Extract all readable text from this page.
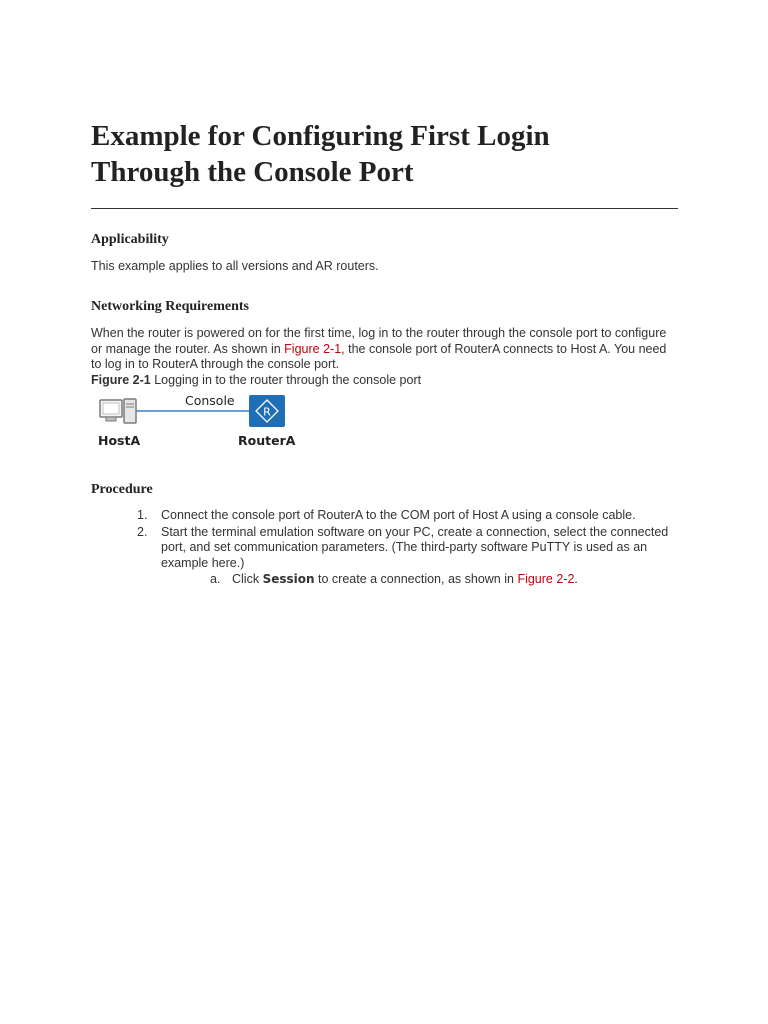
Example for Configuring First Login
Through the Console Port
Applicability

This example applies to all versions and AR routers.

Networking Requirements

When the router is powered on for the first time, log in to the router through the console port to configure or manage the router. As shown in Figure 2-1, the console port of RouterA connects to Host A. You need to log in to RouterA through the console port.

Figure 2-1 Logging in to the router through the console port

R
Console
HostA	RouterA
Procedure
1. Connect the console port of RouterA to the COM port of Host A using a console cable.
2. Start the terminal emulation software on your PC, create a connection, select the connected port, and set communication parameters. (The third-party software PuTTY is used as an example here.)
a. Click Session to create a connection, as shown in Figure 2-2.
